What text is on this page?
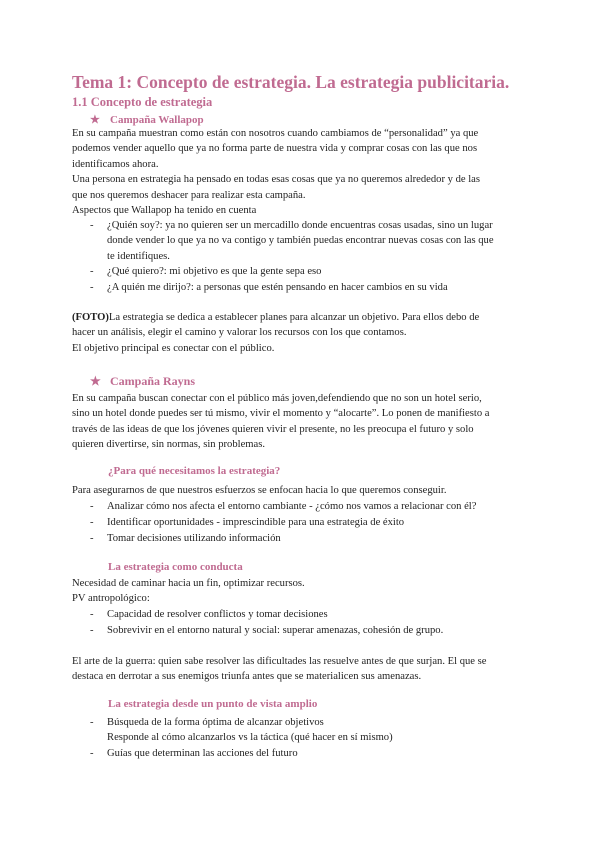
Tema 1: Concepto de estrategia. La estrategia publicitaria.
1.1 Concepto de estrategia
★ Campaña Wallapop
En su campaña muestran como están con nosotros cuando cambiamos de “personalidad” ya que
podemos vender aquello que ya no forma parte de nuestra vida y comprar cosas con las que nos
identificamos ahora.
Una persona en estrategia ha pensado en todas esas cosas que ya no queremos alrededor y de las
que nos queremos deshacer para realizar esta campaña.
Aspectos que Wallapop ha tenido en cuenta
- ¿Quién soy?: ya no quieren ser un mercadillo donde encuentras cosas usadas, sino un lugar
donde vender lo que ya no va contigo y también puedas encontrar nuevas cosas con las que
te identifiques.
- ¿Qué quiero?: mi objetivo es que la gente sepa eso
- ¿A quién me dirijo?: a personas que estén pensando en hacer cambios en su vida
(FOTO)La estrategia se dedica a establecer planes para alcanzar un objetivo. Para ellos debo de
hacer un análisis, elegir el camino y valorar los recursos con los que contamos.
El objetivo principal es conectar con el público.
★ Campaña Rayns
En su campaña buscan conectar con el público más joven,defendiendo que no son un hotel serio,
sino un hotel donde puedes ser tú mismo, vivir el momento y “alocarte”. Lo ponen de manifiesto a
través de las ideas de que los jóvenes quieren vivir el presente, no les preocupa el futuro y solo
quieren divertirse, sin normas, sin problemas.
¿Para qué necesitamos la estrategia?
Para asegurarnos de que nuestros esfuerzos se enfocan hacia lo que queremos conseguir.
- Analizar cómo nos afecta el entorno cambiante - ¿cómo nos vamos a relacionar con él?
- Identificar oportunidades - imprescindible para una estrategia de éxito
- Tomar decisiones utilizando información
La estrategia como conducta
Necesidad de caminar hacia un fin, optimizar recursos.
PV antropológico:
- Capacidad de resolver conflictos y tomar decisiones
- Sobrevivir en el entorno natural y social: superar amenazas, cohesión de grupo.
El arte de la guerra: quien sabe resolver las dificultades las resuelve antes de que surjan. El que se
destaca en derrotar a sus enemigos triunfa antes que se materialicen sus amenazas.
La estrategia desde un punto de vista amplio
- Búsqueda de la forma óptima de alcanzar objetivos
Responde al cómo alcanzarlos vs la táctica (qué hacer en sí mismo)
- Guías que determinan las acciones del futuro
